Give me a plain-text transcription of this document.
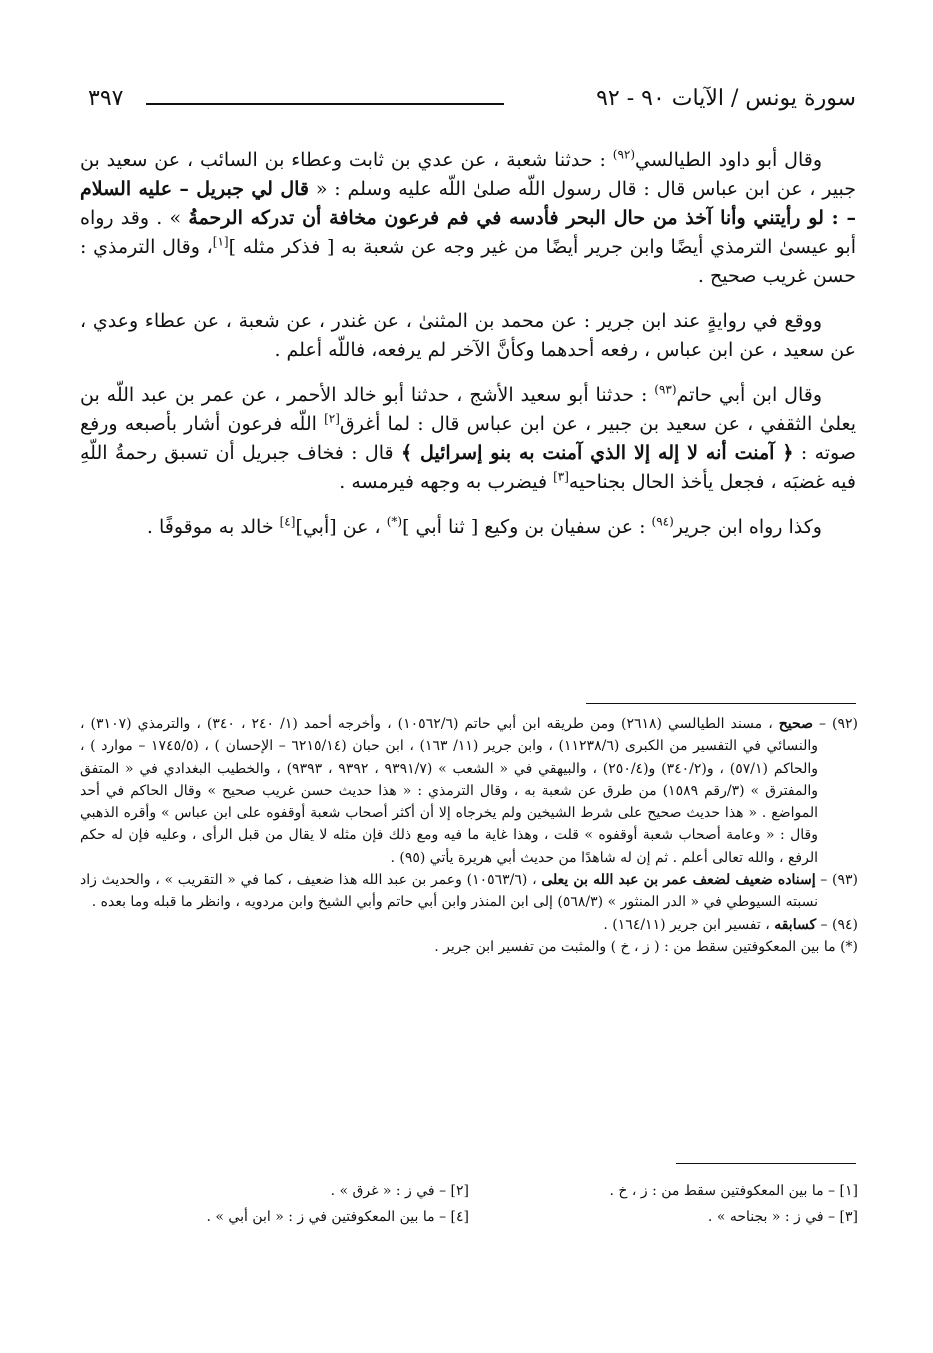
سورة يونس / الآيات ٩٠ - ٩٢
٣٩٧

وقال أبو داود الطيالسي$^{(٩٢)}$ : حدثنا شعبة ، عن عدي بن ثابت وعطاء بن السائب ، عن سعيد بن جبير ، عن ابن عباس قال : قال رسول اللّه صلىٰ اللّه عليه وسلم : « قال لي جبريل – عليه السلام – : لو رأيتني وأنا آخذ من حال البحر فأدسه في فم فرعون مخافة أن تدركه الرحمةُ » . وقد رواه أبو عيسىٰ الترمذي أيضًا وابن جرير أيضًا من غير وجه عن شعبة به [ فذكر مثله ][١]، وقال الترمذي : حسن غريب صحيح .

ووقع في روايةٍ عند ابن جرير : عن محمد بن المثنىٰ ، عن غندر ، عن شعبة ، عن عطاء وعدي ، عن سعيد ، عن ابن عباس ، رفعه أحدهما وكأنَّ الآخر لم يرفعه، فاللّه أعلم .

وقال ابن أبي حاتم$^{(٩٣)}$ : حدثنا أبو سعيد الأشج ، حدثنا أبو خالد الأحمر ، عن عمر بن عبد اللّه بن يعلىٰ الثقفي ، عن سعيد بن جبير ، عن ابن عباس قال : لما أغرق[٢] اللّه فرعون أشار بأصبعه ورفع صوته : ﴿ آمنت أنه لا إله إلا الذي آمنت به بنو إسرائيل ﴾ قال : فخاف جبريل أن تسبق رحمةُ اللّهِ فيه غضبَه ، فجعل يأخذ الحال بجناحيه[٣] فيضرب به وجهه فيرمسه .

وكذا رواه ابن جرير$^{(٩٤)}$ : عن سفيان بن وكيع [ ثنا أبي ](*) ، عن [أبي][٤] خالد به موقوفًا .

(٩٢) – صحيح ، مسند الطيالسي (٢٦١٨) ومن طريقه ابن أبي حاتم (١٠٥٦٢/٦) ، وأخرجه أحمد (١/ ٢٤٠ ، ٣٤٠) ، والترمذي (٣١٠٧) ، والنسائي في التفسير من الكبرى (١١٢٣٨/٦) ، وابن جرير (١١/ ١٦٣) ، ابن حبان (٦٢١٥/١٤ – الإحسان ) ، (١٧٤٥/٥ – موارد ) ، والحاكم (٥٧/١) ، و(٣٤٠/٢) و(٢٥٠/٤) ، والبيهقي في « الشعب » (٩٣٩١/٧ ، ٩٣٩٢ ، ٩٣٩٣) ، والخطيب البغدادي في « المتفق والمفترق » (٣/رقم ١٥٨٩) من طرق عن شعبة به ، وقال الترمذي : « هذا حديث حسن غريب صحيح » وقال الحاكم في أحد المواضع . « هذا حديث صحيح على شرط الشيخين ولم يخرجاه إلا أن أكثر أصحاب شعبة أوقفوه على ابن عباس » وأقره الذهبي وقال : « وعامة أصحاب شعبة أوقفوه » قلت ، وهذا غاية ما فيه ومع ذلك فإن مثله لا يقال من قبل الرأى ، وعليه فإن له حكم الرفع ، والله تعالى أعلم . ثم إن له شاهدًا من حديث أبي هريرة يأتي (٩٥) .

(٩٣) – إسناده ضعيف لضعف عمر بن عبد الله بن يعلى ، (١٠٥٦٣/٦) وعمر بن عبد الله هذا ضعيف ، كما في « التقريب » ، والحديث زاد نسبته السيوطي في « الدر المنثور » (٥٦٨/٣) إلى ابن المنذر وابن أبي حاتم وأبي الشيخ وابن مردويه ، وانظر ما قبله وما بعده .

(٩٤) – كسابقه ، تفسير ابن جرير (١٦٤/١١) .

(*) ما بين المعكوفتين سقط من : ( ز ، خ ) والمثبت من تفسير ابن جرير .

[١] – ما بين المعكوفتين سقط من : ز ، خ .
[٢] – في ز : « غرق » .
[٣] – في ز : « بجناحه » .
[٤] – ما بين المعكوفتين في ز : « ابن أبي » .
